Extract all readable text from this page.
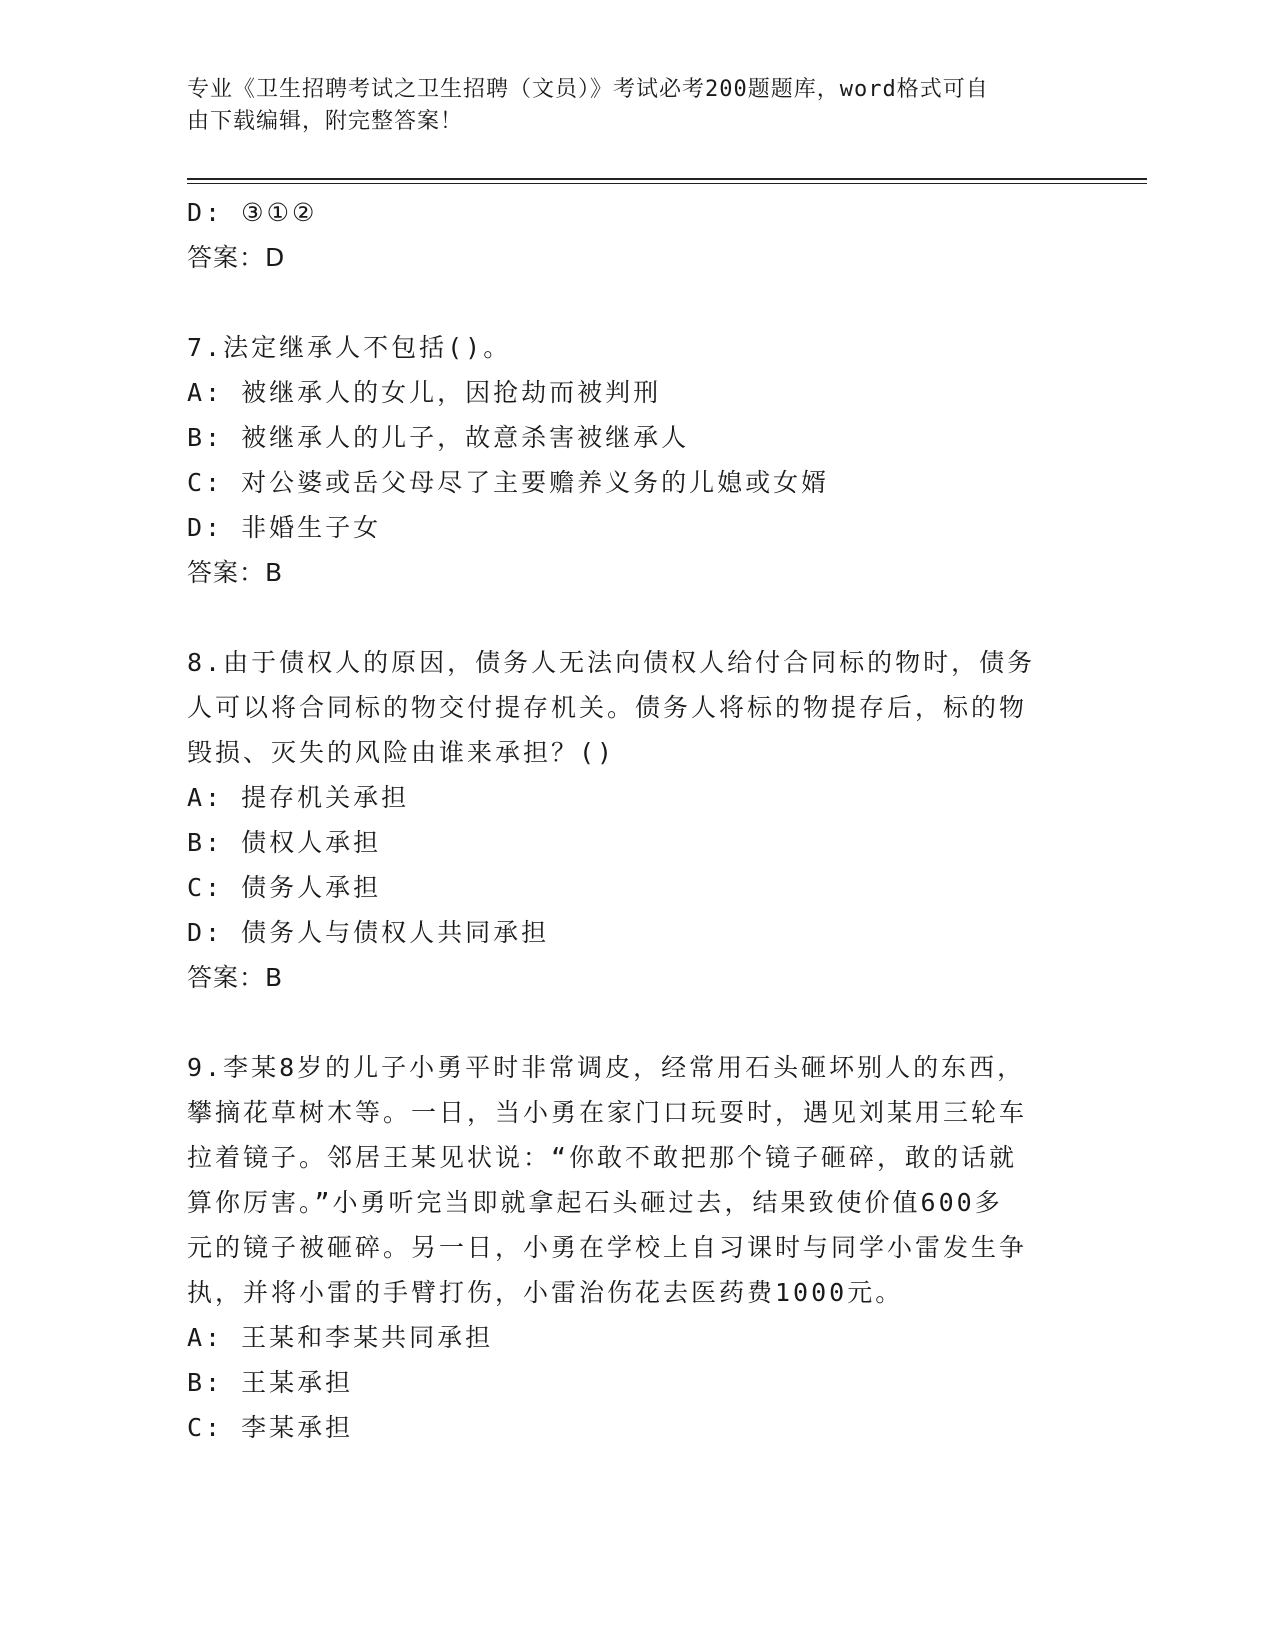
专业《卫生招聘考试之卫生招聘（文员）》考试必考200题题库，word格式可自
由下载编辑，附完整答案！
D: ③①②
答案：D
7.法定继承人不包括()。
A: 被继承人的女儿，因抢劫而被判刑
B: 被继承人的儿子，故意杀害被继承人
C: 对公婆或岳父母尽了主要赡养义务的儿媳或女婿
D: 非婚生子女
答案：B
8.由于债权人的原因，债务人无法向债权人给付合同标的物时，债务
人可以将合同标的物交付提存机关。债务人将标的物提存后，标的物
毁损、灭失的风险由谁来承担？()
A: 提存机关承担
B: 债权人承担
C: 债务人承担
D: 债务人与债权人共同承担
答案：B
9.李某8岁的儿子小勇平时非常调皮，经常用石头砸坏别人的东西，
攀摘花草树木等。一日，当小勇在家门口玩耍时，遇见刘某用三轮车
拉着镜子。邻居王某见状说：“你敢不敢把那个镜子砸碎，敢的话就
算你厉害。”小勇听完当即就拿起石头砸过去，结果致使价值600多
元的镜子被砸碎。另一日，小勇在学校上自习课时与同学小雷发生争
执，并将小雷的手臂打伤，小雷治伤花去医药费1000元。
A: 王某和李某共同承担
B: 王某承担
C: 李某承担
